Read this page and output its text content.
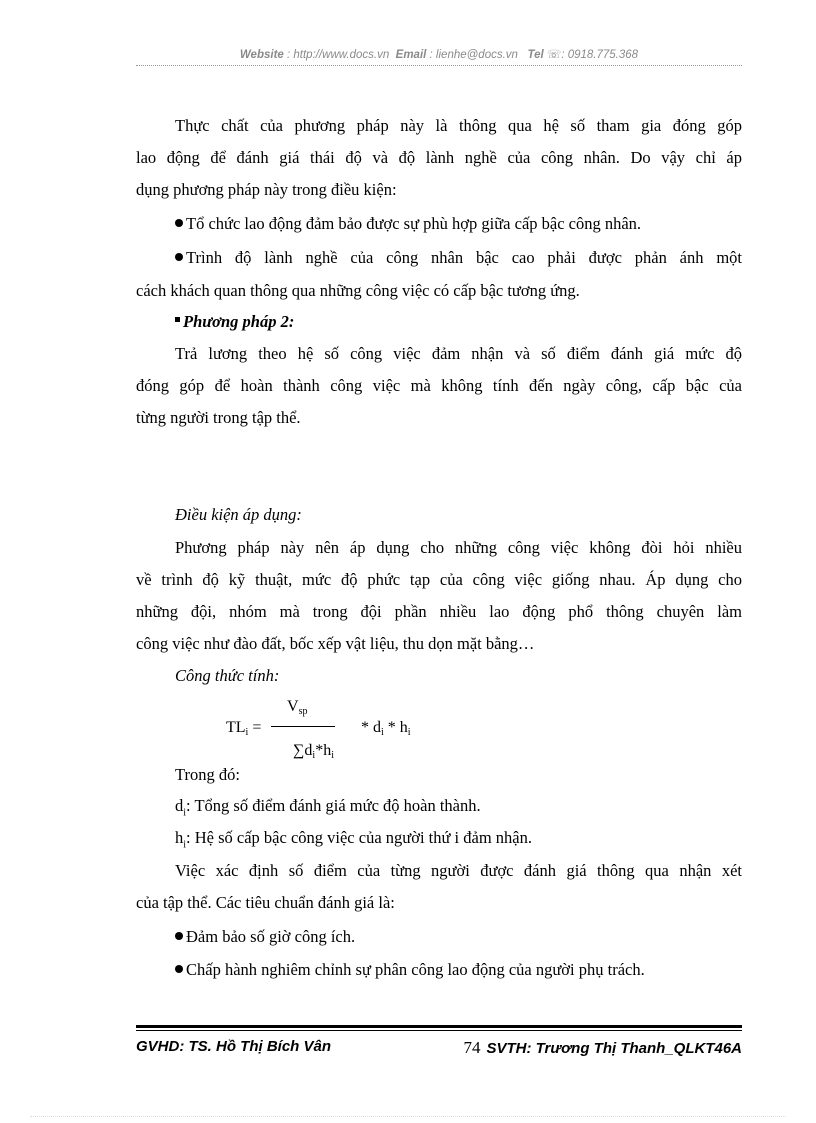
Website : http://www.docs.vn Email : lienhe@docs.vn Tel ☏: 0918.775.368
Thực chất của phương pháp này là thông qua hệ số tham gia đóng góp
lao động để đánh giá thái độ và độ lành nghề của công nhân. Do vậy chỉ áp
dụng phương pháp này trong điều kiện:
Tổ chức lao động đảm bảo được sự phù hợp giữa cấp bậc công nhân.
Trình độ lành nghề của công nhân bậc cao phải được phản ánh một
cách khách quan thông qua những công việc có cấp bậc tương ứng.
Phương pháp 2:
Trả lương theo hệ số công việc đảm nhận và số điểm đánh giá mức độ
đóng góp để hoàn thành công việc mà không tính đến ngày công, cấp bậc của
từng người trong tập thể.
Điều kiện áp dụng:
Phương pháp này nên áp dụng cho những công việc không đòi hỏi nhiều
về trình độ kỹ thuật, mức độ phức tạp của công việc giống nhau. Áp dụng cho
những đội, nhóm mà trong đội phần nhiều lao động phổ thông chuyên làm
công việc như đào đất, bốc xếp vật liệu, thu dọn mặt bằng…
Công thức tính:
$TL_i$ =
$V_{sp}$
$\sum d_i*h_i$
* $d_i * h_i$
Trong đó:
$d_i$: Tổng số điểm đánh giá mức độ hoàn thành.
$h_i$: Hệ số cấp bậc công việc của người thứ i đảm nhận.
Việc xác định số điểm của từng người được đánh giá thông qua nhận xét
của tập thể. Các tiêu chuẩn đánh giá là:
Đảm bảo số giờ công ích.
Chấp hành nghiêm chỉnh sự phân công lao động của người phụ trách.
GVHD: TS. Hồ Thị Bích Vân	74 SVTH: Trương Thị Thanh_QLKT46A
